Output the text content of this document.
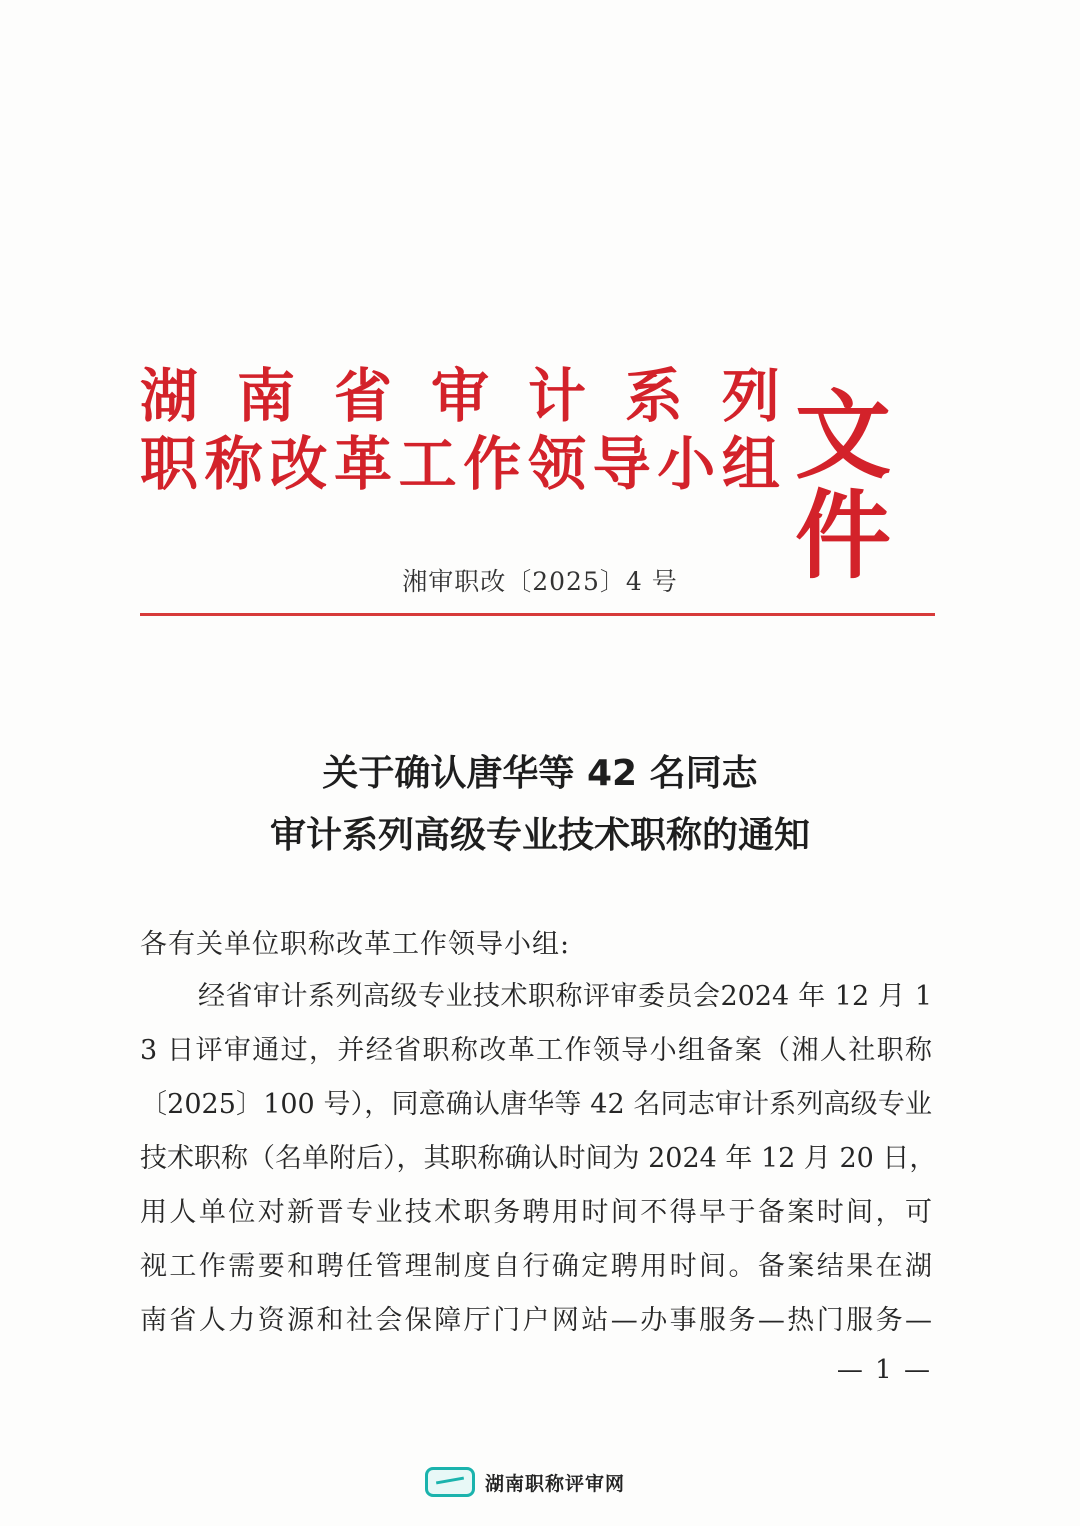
湖 南 省 审 计 系 列
职 称 改 革 工 作 领 导 小 组 文件
湘审职改〔2025〕4 号
关于确认唐华等 42 名同志
审计系列高级专业技术职称的通知
各有关单位职称改革工作领导小组:
经省审计系列高级专业技术职称评审委员会2024 年 12 月 1
3 日评审通过，并经省职称改革工作领导小组备案（湘人社职称
〔2025〕100 号），同意确认唐华等 42 名同志审计系列高级专业
技术职称（名单附后），其职称确认时间为 2024 年 12 月 20 日，
用人单位对新晋专业技术职务聘用时间不得早于备案时间，可
视工作需要和聘任管理制度自行确定聘用时间。备案结果在湖
南省人力资源和社会保障厅门户网站—办事服务—热门服务—
— 1 —
湖南职称评审网
